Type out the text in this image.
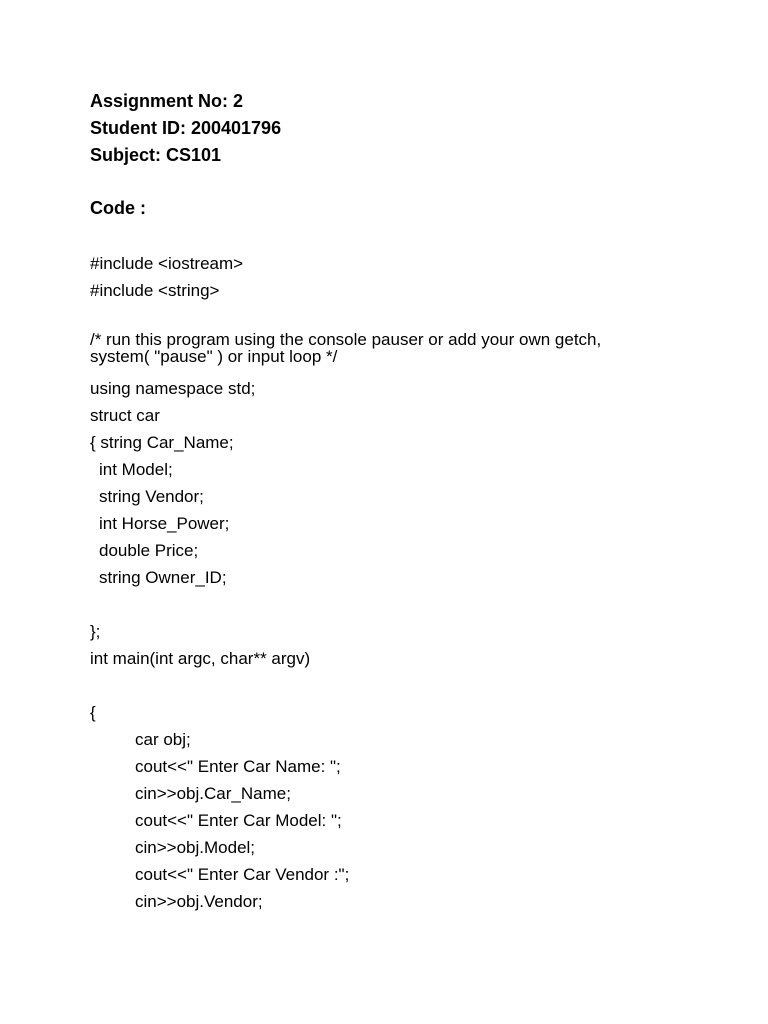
Assignment No: 2
Student ID: 200401796
Subject: CS101
Code :
#include <iostream>
#include <string>
/* run this program using the console pauser or add your own getch,
system( "pause" ) or input loop */
using namespace std;
struct car
{ string Car_Name;
int Model;
string Vendor;
int Horse_Power;
double Price;
string Owner_ID;
};
int main(int argc, char** argv)
{
car obj;
cout<<" Enter Car Name: ";
cin>>obj.Car_Name;
cout<<" Enter Car Model: ";
cin>>obj.Model;
cout<<" Enter Car Vendor :";
cin>>obj.Vendor;
